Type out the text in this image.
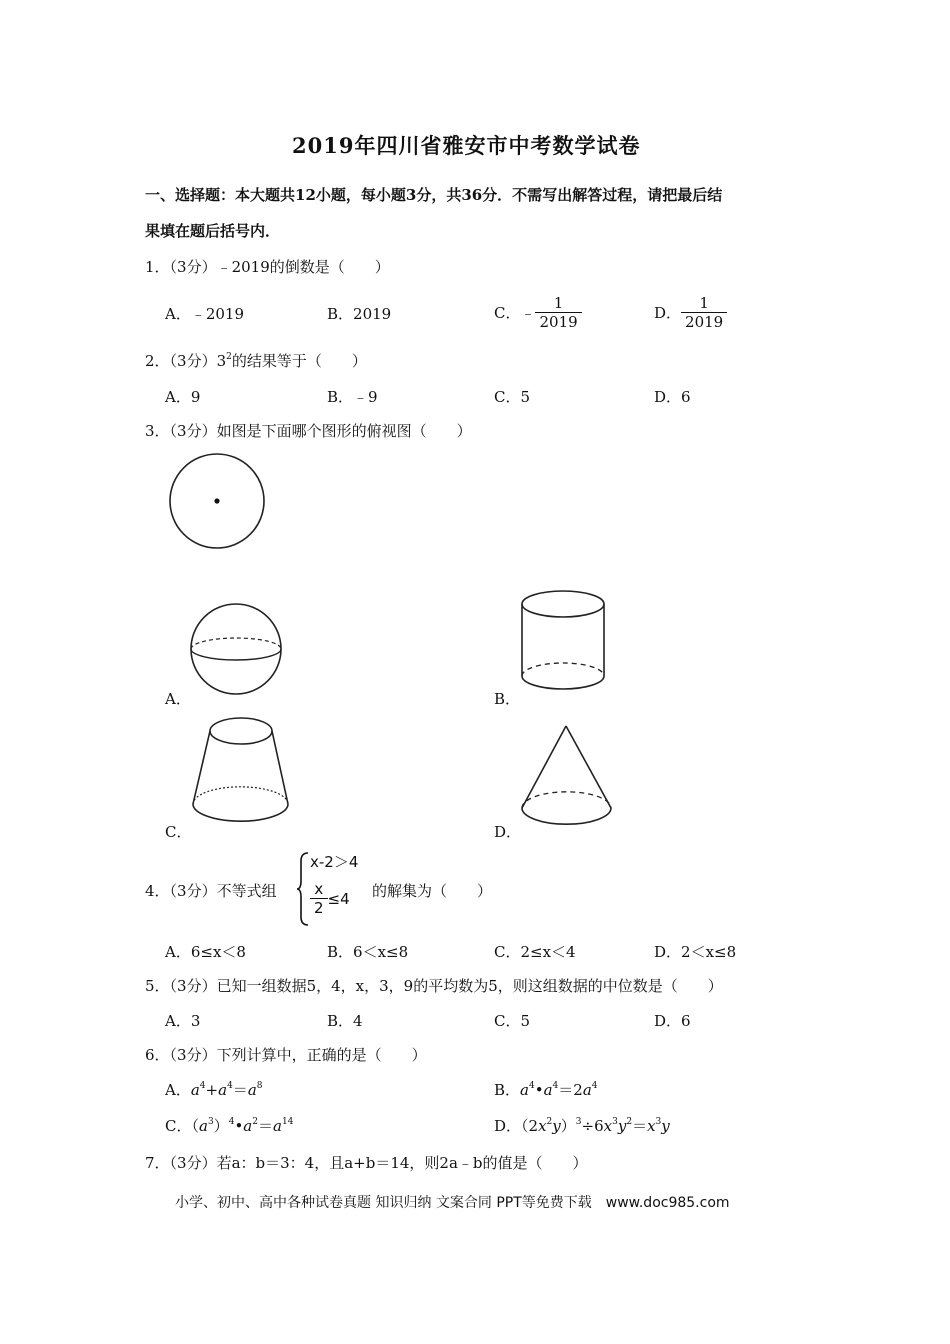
2019年四川省雅安市中考数学试卷
一、选择题：本大题共12小题，每小题3分，共36分．不需写出解答过程，请把最后结
果填在题后括号内．
1．（3分）﹣2019的倒数是（　　）
A．﹣2019	B．2019	C．﹣ $\frac{1}{2019}$	D． $\frac{1}{2019}$
2．（3分）$3^2$的结果等于（　　）
A．9	B．﹣9	C．5	D．6
3．（3分）如图是下面哪个图形的俯视图（　　）
A．	B．
C．	D．
4．（3分）不等式组
x-2＞4
$\frac{x}{2} \le 4$ 的解集为（　　）
A．6≤x＜8	B．6＜x≤8	C．2≤x＜4	D．2＜x≤8
5．（3分）已知一组数据5，4，x，3，9的平均数为5，则这组数据的中位数是（　　）
A．3	B．4	C．5	D．6
6．（3分）下列计算中，正确的是（　　）
A．$a^4+a^4=a^8$	B．$a^4•a^4=2a^4$
C．$(a^3)^4•a^2=a^{14}$	D．$(2x^2y)^3\div 6x^3y^2=x^3y$
7．（3分）若a：b＝3：4，且a+b＝14，则2a﹣b的值是（　　）
小学、初中、高中各种试卷真题 知识归纳 文案合同 PPT等免费下载　www.doc985.com
